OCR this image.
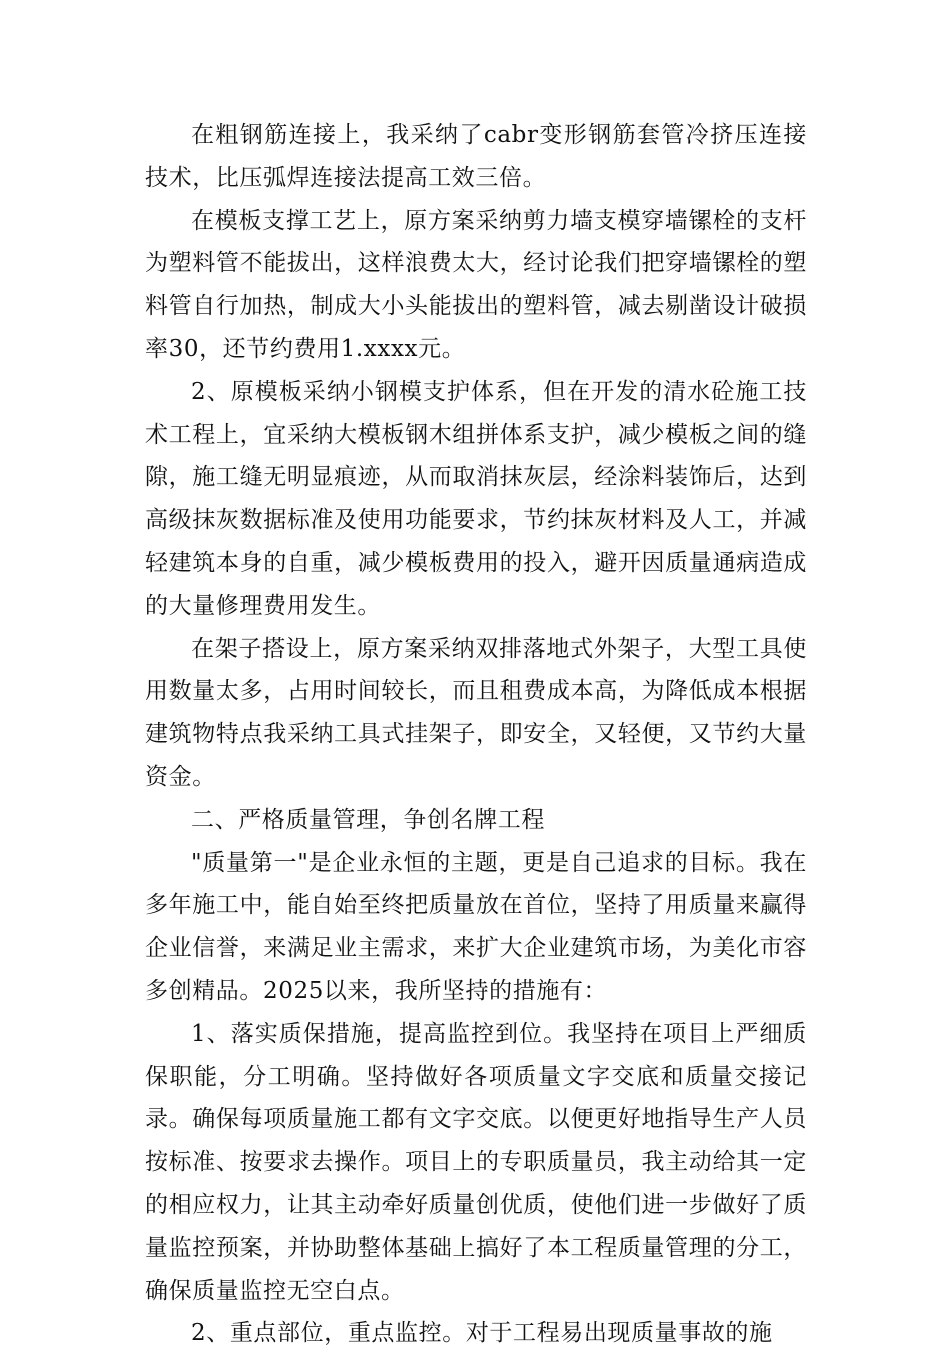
在粗钢筋连接上，我采纳了cabr变形钢筋套管冷挤压连接技术，比压弧焊连接法提高工效三倍。

在模板支撑工艺上，原方案采纳剪力墙支模穿墙镙栓的支杆为塑料管不能拔出，这样浪费太大，经讨论我们把穿墙镙栓的塑料管自行加热，制成大小头能拔出的塑料管，减去剔凿设计破损率30，还节约费用1.xxxx元。

2、原模板采纳小钢模支护体系，但在开发的清水砼施工技术工程上，宜采纳大模板钢木组拼体系支护，减少模板之间的缝隙，施工缝无明显痕迹，从而取消抹灰层，经涂料装饰后，达到高级抹灰数据标准及使用功能要求，节约抹灰材料及人工，并减轻建筑本身的自重，减少模板费用的投入，避开因质量通病造成的大量修理费用发生。

在架子搭设上，原方案采纳双排落地式外架子，大型工具使用数量太多，占用时间较长，而且租费成本高，为降低成本根据建筑物特点我采纳工具式挂架子，即安全，又轻便，又节约大量资金。

二、严格质量管理，争创名牌工程

"质量第一"是企业永恒的主题，更是自己追求的目标。我在多年施工中，能自始至终把质量放在首位，坚持了用质量来赢得企业信誉，来满足业主需求，来扩大企业建筑市场，为美化市容多创精品。2025以来，我所坚持的措施有：

1、落实质保措施，提高监控到位。我坚持在项目上严细质保职能，分工明确。坚持做好各项质量文字交底和质量交接记录。确保每项质量施工都有文字交底。以便更好地指导生产人员按标准、按要求去操作。项目上的专职质量员，我主动给其一定的相应权力，让其主动牵好质量创优质，使他们进一步做好了质量监控预案，并协助整体基础上搞好了本工程质量管理的分工，确保质量监控无空白点。

2、重点部位，重点监控。对于工程易出现质量事故的施
